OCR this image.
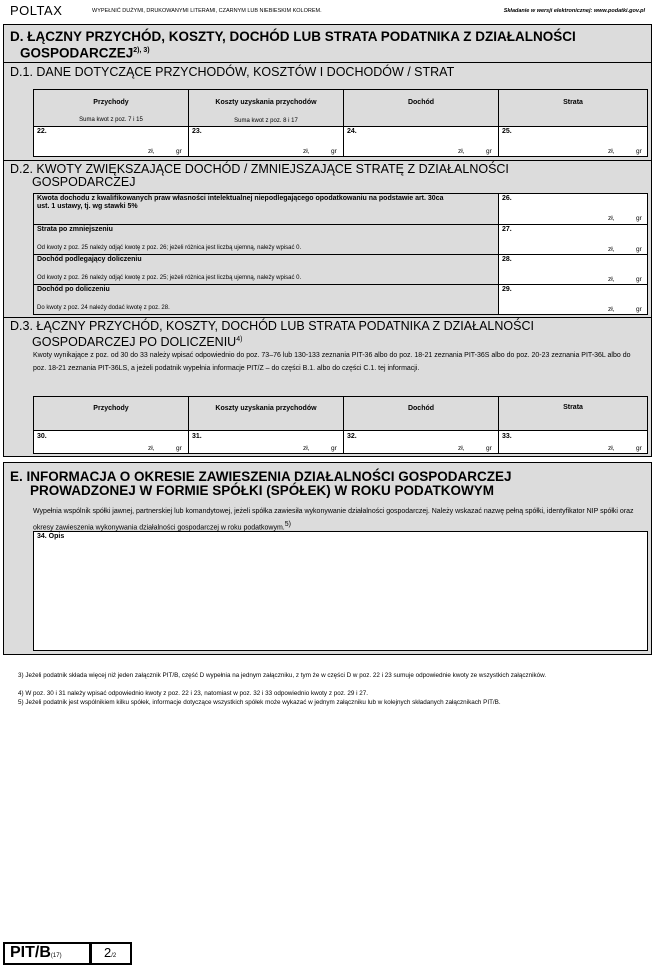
POLTAX	WYPEŁNIĆ DUŻYMI, DRUKOWANYMI LITERAMI, CZARNYM LUB NIEBIESKIM KOLOREM.	Składanie w wersji elektronicznej: www.podatki.gov.pl
D. ŁĄCZNY PRZYCHÓD, KOSZTY, DOCHÓD LUB STRATA PODATNIKA Z DZIAŁALNOŚCI
$GOSPODARCZEJ^{2), 3)}$
D.1. DANE DOTYCZĄCE PRZYCHODÓW, KOSZTÓW I DOCHODÓW / STRAT
Przychody	Koszty uzyskania przychodów	Dochód	Strata
Suma kwot z poz. 7 i 15	Suma kwot z poz. 8 i 17
22.	23.	24.	25.
zł,	gr	zł,	gr	zł,	gr	zł,	gr
D.2. KWOTY ZWIĘKSZAJĄCE DOCHÓD / ZMNIEJSZAJĄCE STRATĘ Z DZIAŁALNOŚCI
GOSPODARCZEJ
Kwota dochodu z kwalifikowanych praw własności intelektualnej niepodlegającego opodatkowaniu na podstawie art. 30ca ust. 1 ustawy, tj. wg stawki 5%
26.
zł,	gr
Strata po zmniejszeniu
Od kwoty z poz. 25 należy odjąć kwotę z poz. 26; jeżeli różnica jest liczbą ujemną, należy wpisać 0.
27.
zł,	gr
Dochód podlegający doliczeniu
Od kwoty z poz. 26 należy odjąć kwotę z poz. 25; jeżeli różnica jest liczbą ujemną, należy wpisać 0.
28.
zł,	gr
Dochód po doliczeniu
Do kwoty z poz. 24 należy dodać kwotę z poz. 28.
29.
zł,	gr
D.3. ŁĄCZNY PRZYCHÓD, KOSZTY, DOCHÓD LUB STRATA PODATNIKA Z DZIAŁALNOŚCI
GOSPODARCZEJ PO DOLICZENIU$^{4)}$
Kwoty wynikające z poz. od 30 do 33 należy wpisać odpowiednio do poz. 73–76 lub 130-133 zeznania PIT-36 albo do poz. 18-21 zeznania PIT-36S albo do poz. 20-23 zeznania PIT-36L albo do poz. 18-21 zeznania PIT-36LS, a jeżeli podatnik wypełnia informacje PIT/Z – do części B.1. albo do części C.1. tej informacji.
Przychody	Koszty uzyskania przychodów	Dochód	Strata
30.	31.	32.	33.
zł,	gr	zł,	gr	zł,	gr	zł,	gr
E. INFORMACJA O OKRESIE ZAWIESZENIA DZIAŁALNOŚCI GOSPODARCZEJ
PROWADZONEJ W FORMIE SPÓŁKI (SPÓŁEK) W ROKU PODATKOWYM
Wypełnia wspólnik spółki jawnej, partnerskiej lub komandytowej, jeżeli spółka zawiesiła wykonywanie działalności gospodarczej. Należy wskazać nazwę pełną spółki, identyfikator NIP spółki oraz okresy zawieszenia wykonywania działalności gospodarczej w roku podatkowym.$^{5)}$
34. Opis
3) Jeżeli podatnik składa więcej niż jeden załącznik PIT/B, część D wypełnia na jednym załączniku, z tym że w części D w poz. 22 i 23 sumuje odpowiednie kwoty ze wszystkich załączników.
4) W poz. 30 i 31 należy wpisać odpowiednio kwoty z poz. 22 i 23, natomiast w poz. 32 i 33 odpowiednio kwoty z poz. 29 i 27.
5) Jeżeli podatnik jest wspólnikiem kilku spółek, informacje dotyczące wszystkich spółek może wykazać w jednym załączniku lub w kolejnych składanych załącznikach PIT/B.
PIT/B(17)	2/2
